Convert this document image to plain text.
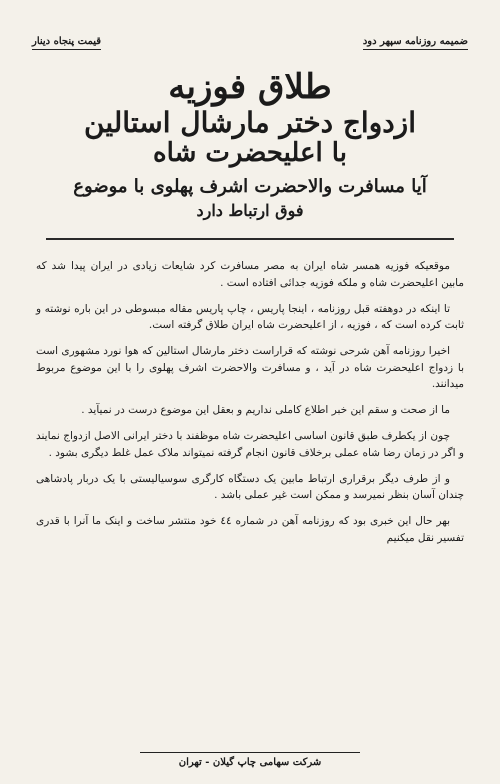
ضمیمه روزنامه سپهر دود
قیمت پنجاه دینار
طلاق فوزیه
ازدواج دختر مارشال استالین
با اعلیحضرت شاه
آیا مسافرت والاحضرت اشرف پهلوی با موضوع
فوق ارتباط دارد

موقعیکه فوزیه همسر شاه ایران به مصر مسافرت کرد شایعات زیادی در ایران پیدا شد که مابین اعلیحضرت شاه و ملکه فوزیه جدائی افتاده است .

تا اینکه در دوهفته قبل روزنامه ، اینجا پاریس ، چاپ پاریس مقاله مبسوطی در این باره نوشته و ثابت کرده است که ، فوزیه ، از اعلیحضرت شاه ایران طلاق گرفته است.

اخیرا روزنامه آهن شرحی نوشته که قراراست دختر مارشال استالین که هوا نورد مشهوری است با زدواج اعلیحضرت شاه در آید ، و مسافرت والاحضرت اشرف پهلوی را با این موضوع مربوط میدانند.

ما از صحت و سقم این خبر اطلاع کاملی نداریم و بعقل این موضوع درست در نمیآید .

چون از یکطرف طبق قانون اساسی اعلیحضرت شاه موظفند با دختر ایرانی الاصل ازدواج نمایند و اگر در زمان رضا شاه عملی برخلاف قانون انجام گرفته نمیتواند ملاک عمل غلط دیگری بشود .

و از طرف دیگر برقراری ارتباط مابین یک دستگاه کارگری سوسیالیستی با یک دربار پادشاهی چندان آسان بنظر نمیرسد و ممکن است غیر عملی باشد .

بهر حال این خبری بود که روزنامه آهن در شماره ٤٤ خود منتشر ساخت و اینک ما آنرا با قدری تفسیر نقل میکنیم

شرکت سهامی چاپ گیلان - تهران
